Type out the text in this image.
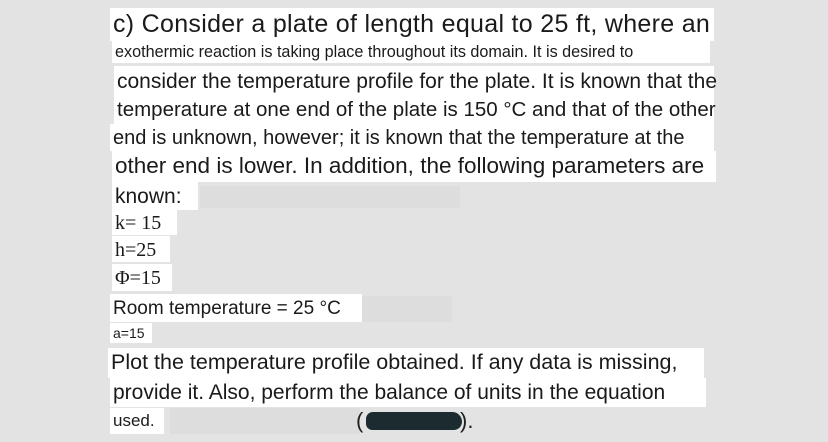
c) Consider a plate of length equal to 25 ft, where an
exothermic reaction is taking place throughout its domain. It is desired to
consider the temperature profile for the plate. It is known that the
temperature at one end of the plate is 150 °C and that of the other
end is unknown, however; it is known that the temperature at the
other end is lower. In addition, the following parameters are
known:
k= 15
h=25
Φ=15
Room temperature = 25 °C
a=15
Plot the temperature profile obtained. If any data is missing,
provide it. Also, perform the balance of units in the equation
used.	(	).
